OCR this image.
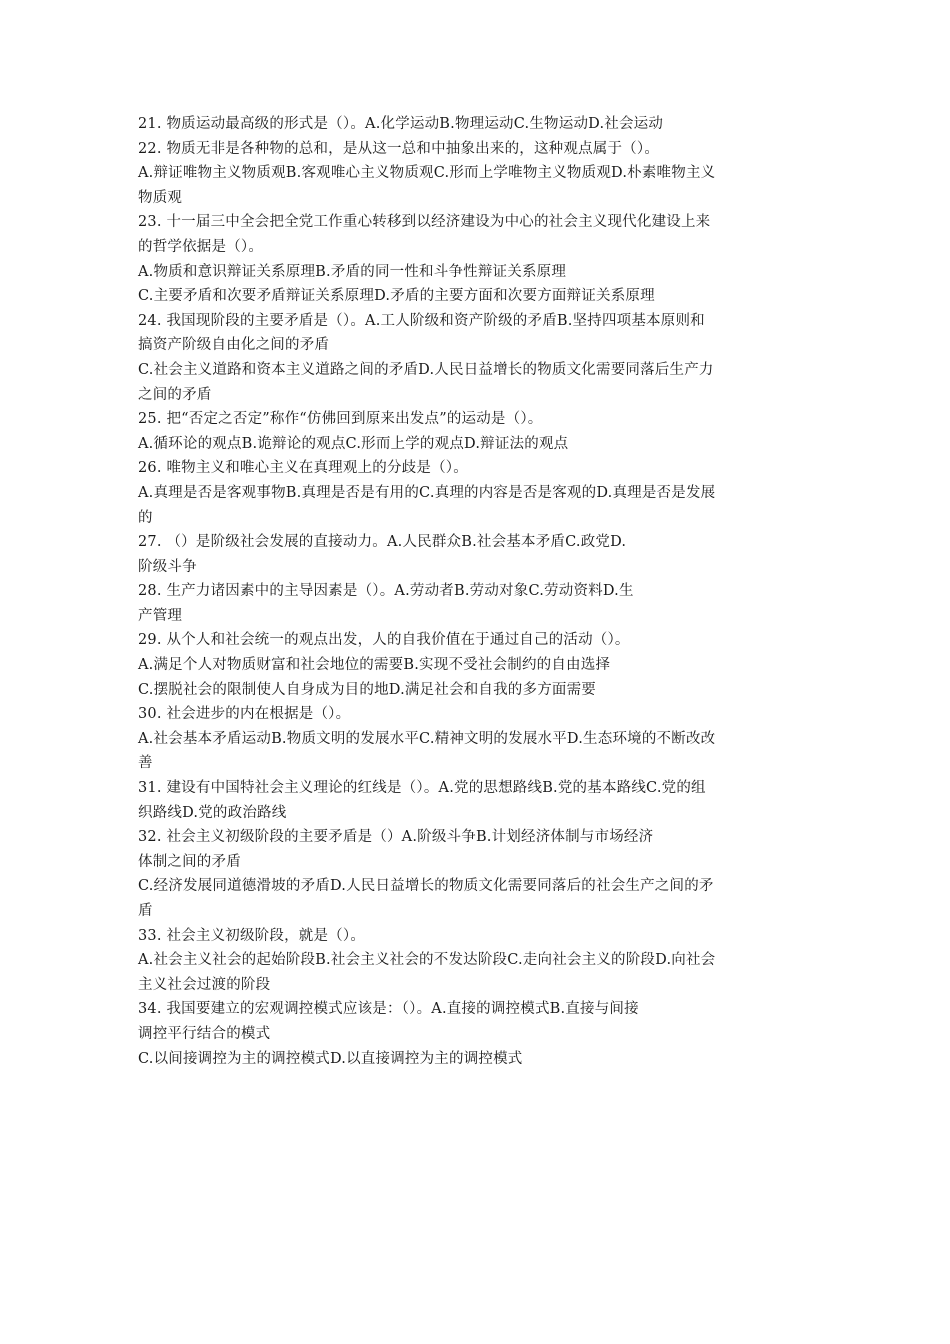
21. 物质运动最高级的形式是（）。A.化学运动B.物理运动C.生物运动D.社会运动
22. 物质无非是各种物的总和，是从这一总和中抽象出来的，这种观点属于（）。
A.辩证唯物主义物质观B.客观唯心主义物质观C.形而上学唯物主义物质观D.朴素唯物主义
物质观
23. 十一届三中全会把全党工作重心转移到以经济建设为中心的社会主义现代化建设上来
的哲学依据是（）。
A.物质和意识辩证关系原理B.矛盾的同一性和斗争性辩证关系原理
C.主要矛盾和次要矛盾辩证关系原理D.矛盾的主要方面和次要方面辩证关系原理
24. 我国现阶段的主要矛盾是（）。A.工人阶级和资产阶级的矛盾B.坚持四项基本原则和
搞资产阶级自由化之间的矛盾
C.社会主义道路和资本主义道路之间的矛盾D.人民日益增长的物质文化需要同落后生产力
之间的矛盾
25. 把“否定之否定”称作“仿佛回到原来出发点”的运动是（）。
A.循环论的观点B.诡辩论的观点C.形而上学的观点D.辩证法的观点
26. 唯物主义和唯心主义在真理观上的分歧是（）。
A.真理是否是客观事物B.真理是否是有用的C.真理的内容是否是客观的D.真理是否是发展
的
27. （）是阶级社会发展的直接动力。A.人民群众B.社会基本矛盾C.政党D.
阶级斗争
28. 生产力诸因素中的主导因素是（）。A.劳动者B.劳动对象C.劳动资料D.生
产管理
29. 从个人和社会统一的观点出发，人的自我价值在于通过自己的活动（）。
A.满足个人对物质财富和社会地位的需要B.实现不受社会制约的自由选择
C.摆脱社会的限制使人自身成为目的地D.满足社会和自我的多方面需要
30. 社会进步的内在根据是（）。
A.社会基本矛盾运动B.物质文明的发展水平C.精神文明的发展水平D.生态环境的不断改改
善
31. 建设有中国特社会主义理论的红线是（）。A.党的思想路线B.党的基本路线C.党的组
织路线D.党的政治路线
32. 社会主义初级阶段的主要矛盾是（）A.阶级斗争B.计划经济体制与市场经济
体制之间的矛盾
C.经济发展同道德滑坡的矛盾D.人民日益增长的物质文化需要同落后的社会生产之间的矛
盾
33. 社会主义初级阶段，就是（）。
A.社会主义社会的起始阶段B.社会主义社会的不发达阶段C.走向社会主义的阶段D.向社会
主义社会过渡的阶段
34. 我国要建立的宏观调控模式应该是：（）。A.直接的调控模式B.直接与间接
调控平行结合的模式
C.以间接调控为主的调控模式D.以直接调控为主的调控模式
